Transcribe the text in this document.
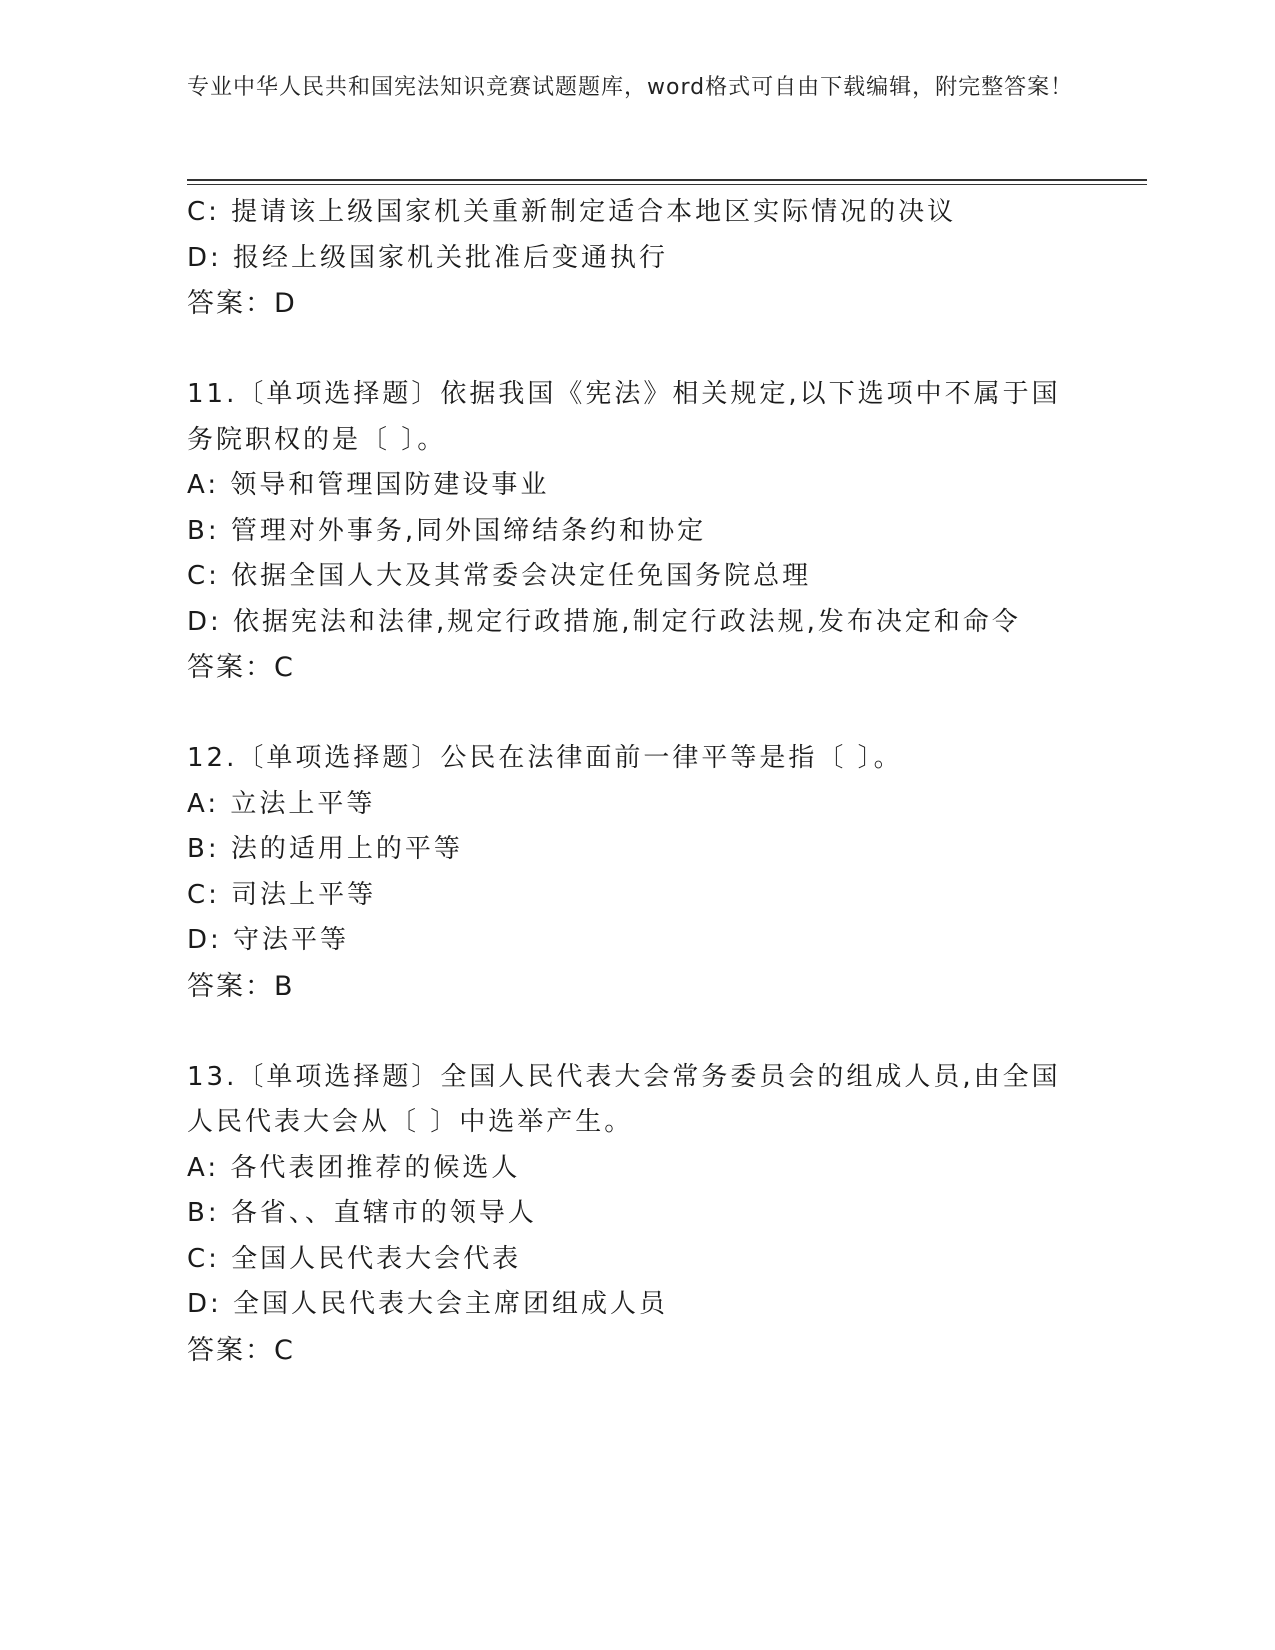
专业中华人民共和国宪法知识竞赛试题题库，word格式可自由下载编辑，附完整答案！
C: 提请该上级国家机关重新制定适合本地区实际情况的决议
D: 报经上级国家机关批准后变通执行
答案：D
11.〔单项选择题〕依据我国《宪法》相关规定,以下选项中不属于国
务院职权的是〔 〕。
A: 领导和管理国防建设事业
B: 管理对外事务,同外国缔结条约和协定
C: 依据全国人大及其常委会决定任免国务院总理
D: 依据宪法和法律,规定行政措施,制定行政法规,发布决定和命令
答案：C
12.〔单项选择题〕公民在法律面前一律平等是指〔 〕。
A: 立法上平等
B: 法的适用上的平等
C: 司法上平等
D: 守法平等
答案：B
13.〔单项选择题〕全国人民代表大会常务委员会的组成人员,由全国
人民代表大会从〔 〕中选举产生。
A: 各代表团推荐的候选人
B: 各省、、直辖市的领导人
C: 全国人民代表大会代表
D: 全国人民代表大会主席团组成人员
答案：C
